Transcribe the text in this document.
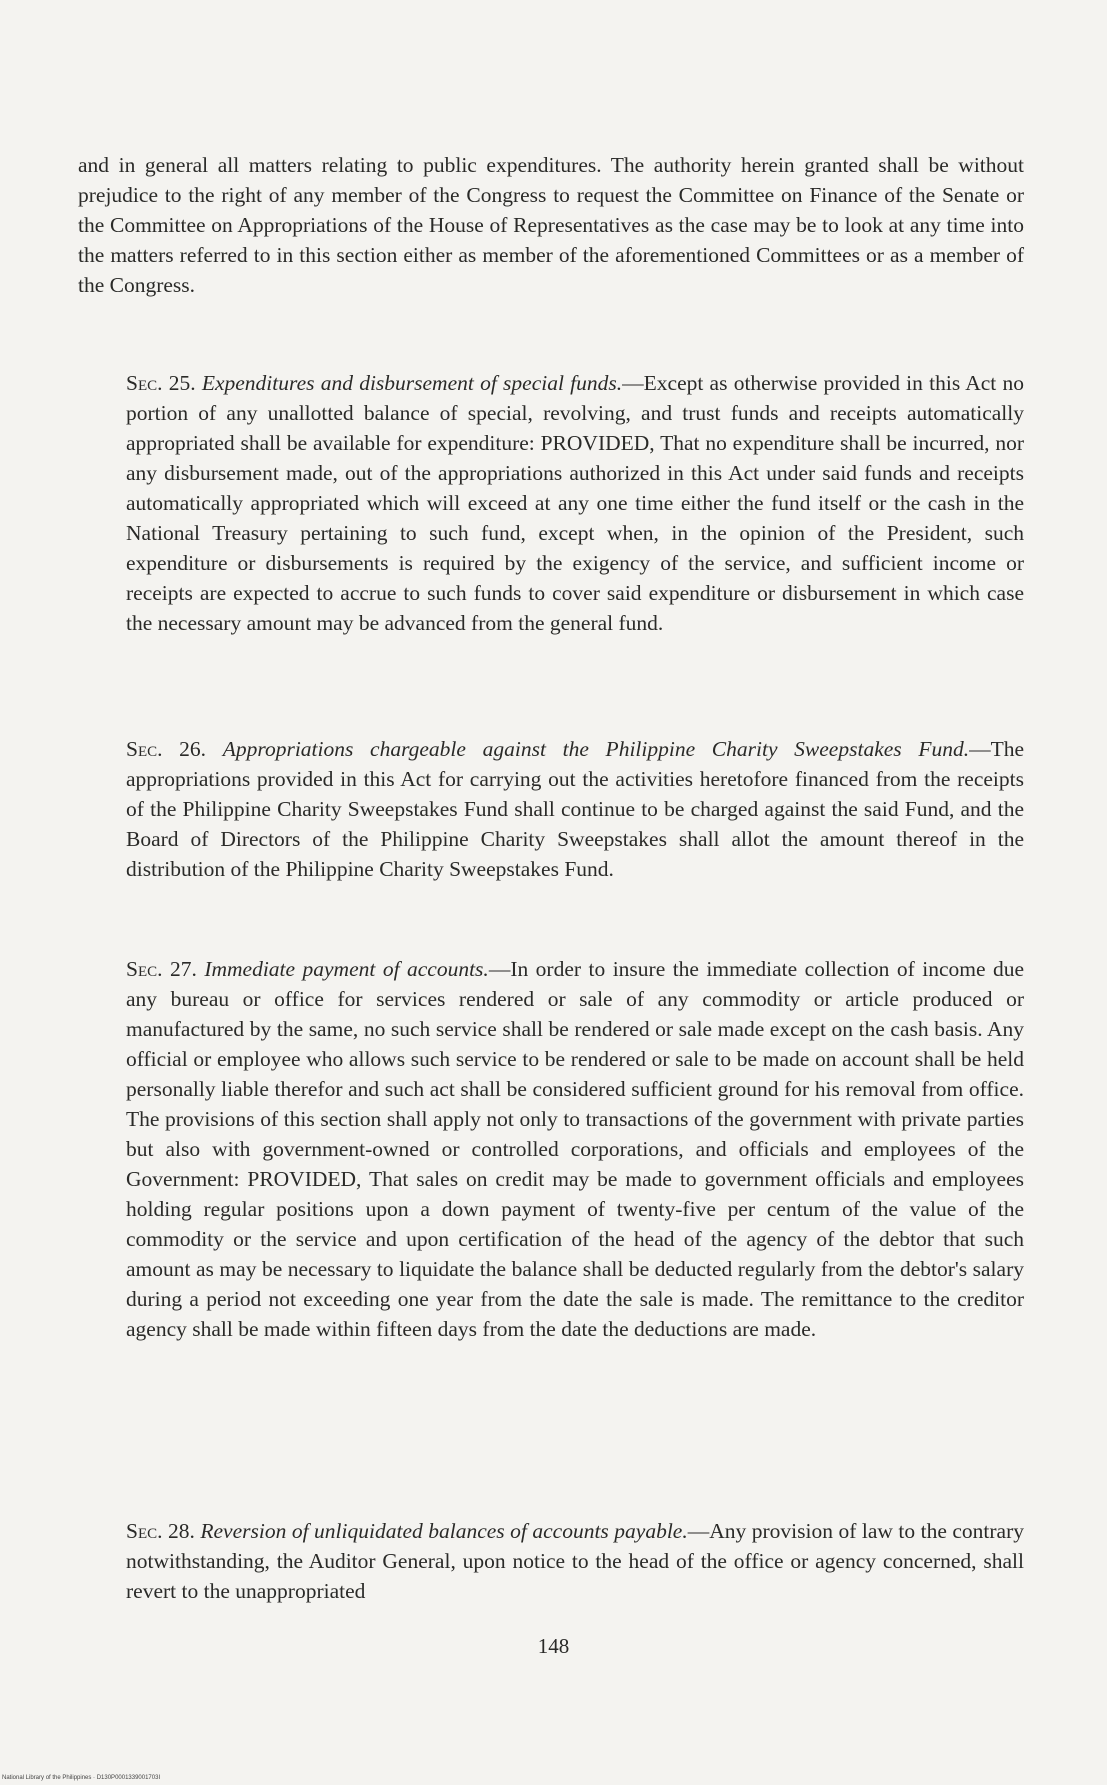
and in general all matters relating to public expenditures. The authority herein granted shall be without prejudice to the right of any member of the Congress to request the Committee on Finance of the Senate or the Committee on Appropriations of the House of Representatives as the case may be to look at any time into the matters referred to in this section either as member of the aforementioned Committees or as a member of the Congress.

Sec. 25. Expenditures and disbursement of special funds.—Except as otherwise provided in this Act no portion of any unallotted balance of special, revolving, and trust funds and receipts automatically appropriated shall be available for expenditure: PROVIDED, That no expenditure shall be incurred, nor any disbursement made, out of the appropriations authorized in this Act under said funds and receipts automatically appropriated which will exceed at any one time either the fund itself or the cash in the National Treasury pertaining to such fund, except when, in the opinion of the President, such expenditure or disbursements is required by the exigency of the service, and sufficient income or receipts are expected to accrue to such funds to cover said expenditure or disbursement in which case the necessary amount may be advanced from the general fund.

Sec. 26. Appropriations chargeable against the Philippine Charity Sweepstakes Fund.—The appropriations provided in this Act for carrying out the activities heretofore financed from the receipts of the Philippine Charity Sweepstakes Fund shall continue to be charged against the said Fund, and the Board of Directors of the Philippine Charity Sweepstakes shall allot the amount thereof in the distribution of the Philippine Charity Sweepstakes Fund.

Sec. 27. Immediate payment of accounts.—In order to insure the immediate collection of income due any bureau or office for services rendered or sale of any commodity or article produced or manufactured by the same, no such service shall be rendered or sale made except on the cash basis. Any official or employee who allows such service to be rendered or sale to be made on account shall be held personally liable therefor and such act shall be considered sufficient ground for his removal from office. The provisions of this section shall apply not only to transactions of the government with private parties but also with government-owned or controlled corporations, and officials and employees of the Government: PROVIDED, That sales on credit may be made to government officials and employees holding regular positions upon a down payment of twenty-five per centum of the value of the commodity or the service and upon certification of the head of the agency of the debtor that such amount as may be necessary to liquidate the balance shall be deducted regularly from the debtor's salary during a period not exceeding one year from the date the sale is made. The remittance to the creditor agency shall be made within fifteen days from the date the deductions are made.

Sec. 28. Reversion of unliquidated balances of accounts payable.—Any provision of law to the contrary notwithstanding, the Auditor General, upon notice to the head of the office or agency concerned, shall revert to the unappropriated

148
National Library of the Philippines · D130P0001339001703I
